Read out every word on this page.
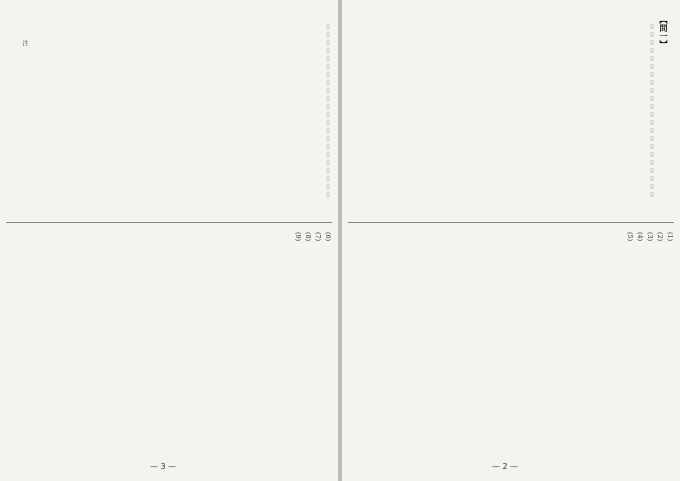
▯▯▯▯▯▯▯▯▯▯▯▯▯▯▯▯▯▯▯▯▯▯
注
(6)
(7)
(8)
(9)
— 3 —
【問一】
▯▯▯▯▯▯▯▯▯▯▯▯▯▯▯▯▯▯▯▯▯▯
(1)
(2)
(3)
(4)
(5)
— 2 —
